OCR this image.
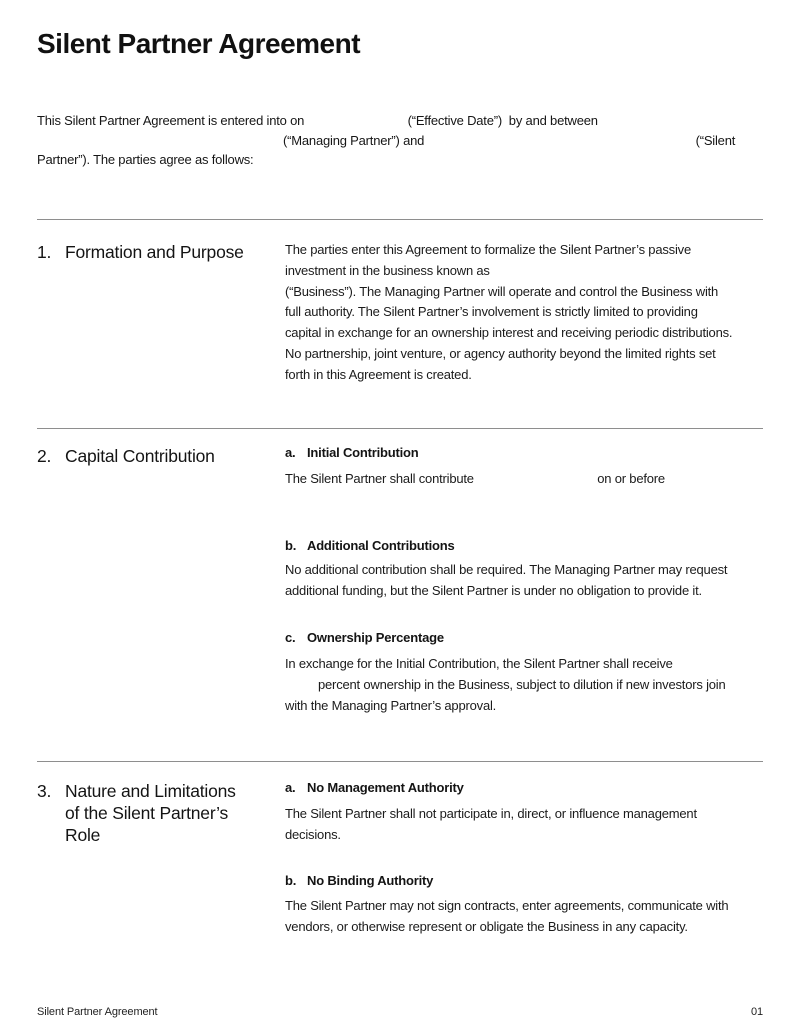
Silent Partner Agreement
This Silent Partner Agreement is entered into on	(“Effective Date”)  by and between
(“Managing Partner”) and	(“Silent
Partner”). The parties agree as follows:
1. Formation and Purpose	The parties enter this Agreement to formalize the Silent Partner’s passive
investment in the business known as
(“Business”). The Managing Partner will operate and control the Business with
full authority. The Silent Partner’s involvement is strictly limited to providing
capital in exchange for an ownership interest and receiving periodic distributions.
No partnership, joint venture, or agency authority beyond the limited rights set
forth in this Agreement is created.
2. Capital Contribution	a. Initial Contribution
The Silent Partner shall contribute	on or before
b. Additional Contributions
No additional contribution shall be required. The Managing Partner may request
additional funding, but the Silent Partner is under no obligation to provide it.
c. Ownership Percentage
In exchange for the Initial Contribution, the Silent Partner shall receive
percent ownership in the Business, subject to dilution if new investors join
with the Managing Partner’s approval.
3. Nature and Limitations
of the Silent Partner’s
Role
a. No Management Authority
The Silent Partner shall not participate in, direct, or influence management
decisions.
b. No Binding Authority
The Silent Partner may not sign contracts, enter agreements, communicate with
vendors, or otherwise represent or obligate the Business in any capacity.
Silent Partner Agreement	01
